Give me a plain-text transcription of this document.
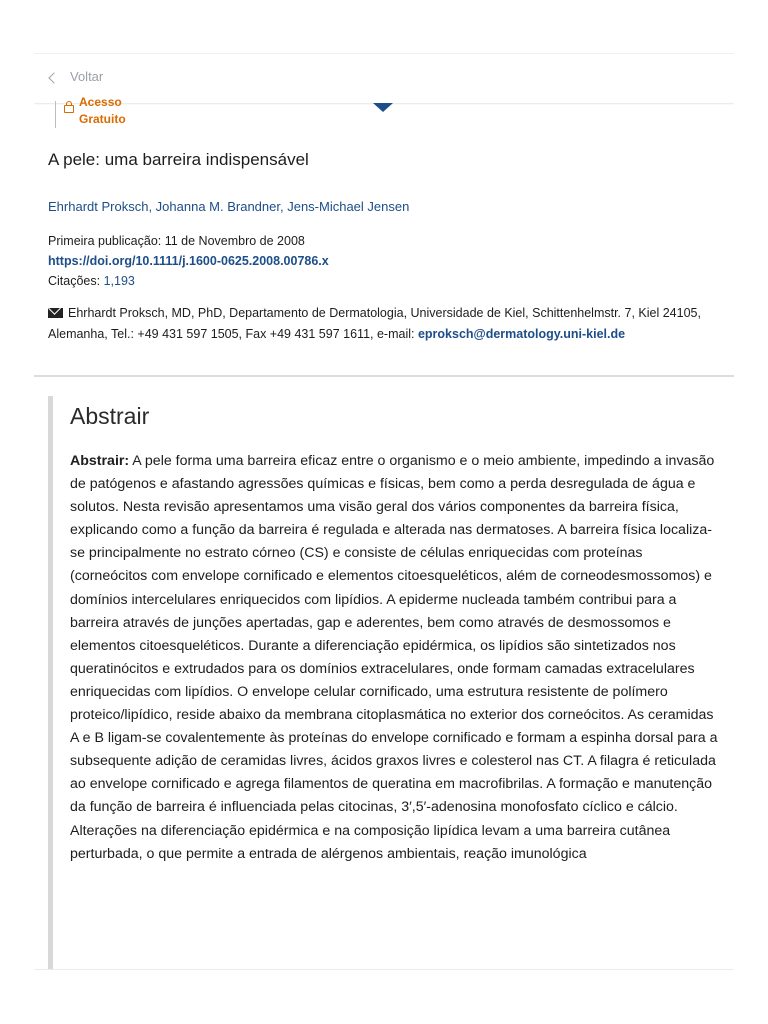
Voltar
Acesso
Gratuito
A pele: uma barreira indispensável
Ehrhardt Proksch, Johanna M. Brandner, Jens-Michael Jensen
Primeira publicação: 11 de Novembro de 2008
https://doi.org/10.1111/j.1600-0625.2008.00786.x
Citações: 1,193
Ehrhardt Proksch, MD, PhD, Departamento de Dermatologia, Universidade de Kiel, Schittenhelmstr. 7, Kiel 24105, Alemanha, Tel.: +49 431 597 1505, Fax +49 431 597 1611, e-mail: eproksch@dermatology.uni-kiel.de
Abstrair
Abstrair: A pele forma uma barreira eficaz entre o organismo e o meio ambiente, impedindo a invasão de patógenos e afastando agressões químicas e físicas, bem como a perda desregulada de água e solutos. Nesta revisão apresentamos uma visão geral dos vários componentes da barreira física, explicando como a função da barreira é regulada e alterada nas dermatoses. A barreira física localiza-se principalmente no estrato córneo (CS) e consiste de células enriquecidas com proteínas (corneócitos com envelope cornificado e elementos citoesqueléticos, além de corneodesmossomos) e domínios intercelulares enriquecidos com lipídios. A epiderme nucleada também contribui para a barreira através de junções apertadas, gap e aderentes, bem como através de desmossomos e elementos citoesqueléticos. Durante a diferenciação epidérmica, os lipídios são sintetizados nos queratinócitos e extrudados para os domínios extracelulares, onde formam camadas extracelulares enriquecidas com lipídios. O envelope celular cornificado, uma estrutura resistente de polímero proteico/lipídico, reside abaixo da membrana citoplasmática no exterior dos corneócitos. As ceramidas A e B ligam-se covalentemente às proteínas do envelope cornificado e formam a espinha dorsal para a subsequente adição de ceramidas livres, ácidos graxos livres e colesterol nas CT. A filagra é reticulada ao envelope cornificado e agrega filamentos de queratina em macrofibrilas. A formação e manutenção da função de barreira é influenciada pelas citocinas, 3′,5′-adenosina monofosfato cíclico e cálcio. Alterações na diferenciação epidérmica e na composição lipídica levam a uma barreira cutânea perturbada, o que permite a entrada de alérgenos ambientais, reação imunológica
